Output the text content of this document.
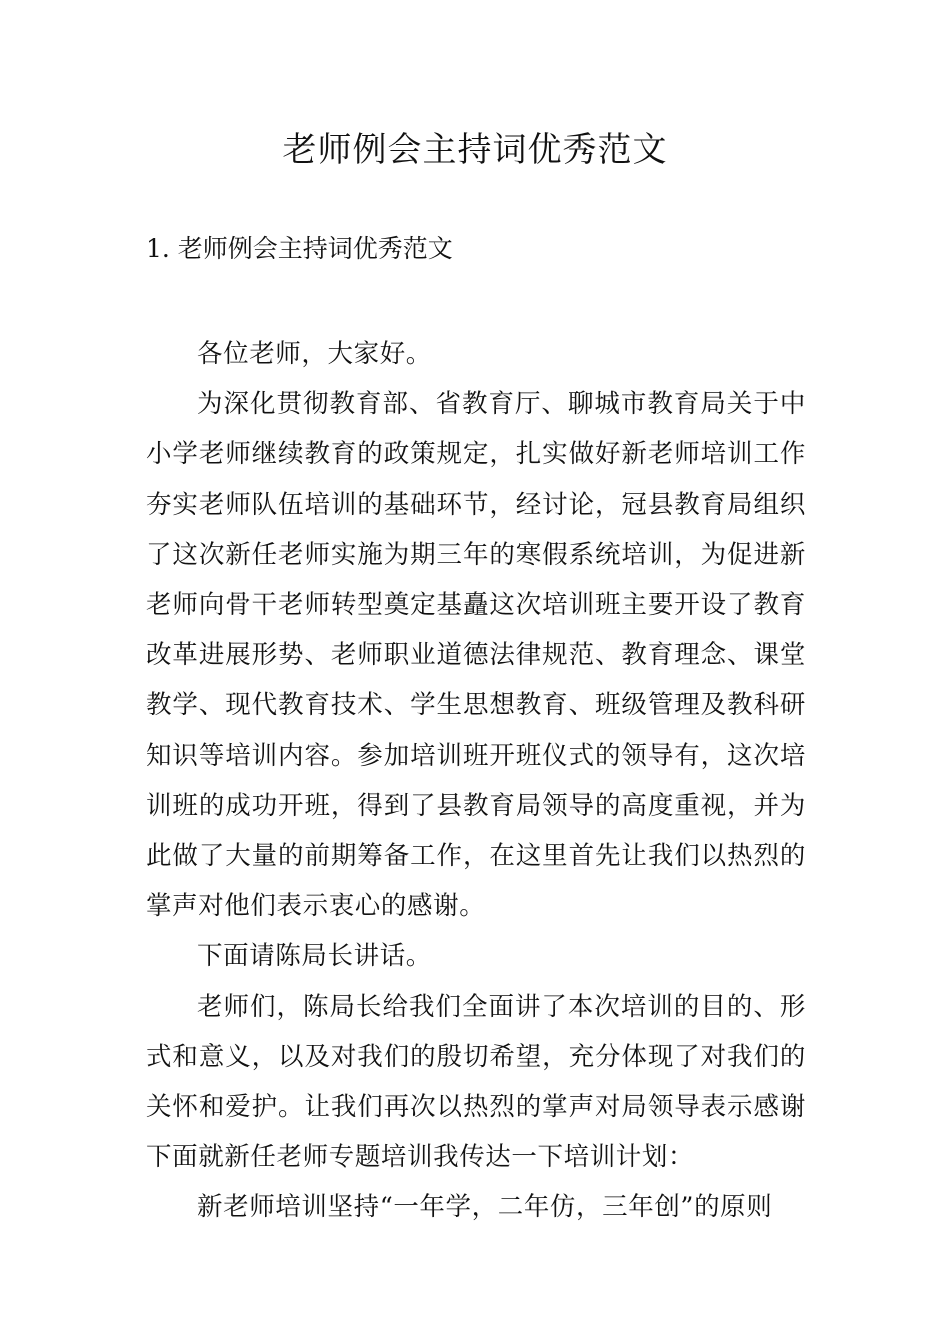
老师例会主持词优秀范文
1. 老师例会主持词优秀范文

各位老师，大家好。

为深化贯彻教育部、省教育厅、聊城市教育局关于中小学老师继续教育的政策规定，扎实做好新老师培训工作夯实老师队伍培训的基础环节，经讨论，冠县教育局组织了这次新任老师实施为期三年的寒假系统培训，为促进新老师向骨干老师转型奠定基矗这次培训班主要开设了教育改革进展形势、老师职业道德法律规范、教育理念、课堂教学、现代教育技术、学生思想教育、班级管理及教科研知识等培训内容。参加培训班开班仪式的领导有，这次培训班的成功开班，得到了县教育局领导的高度重视，并为此做了大量的前期筹备工作，在这里首先让我们以热烈的掌声对他们表示衷心的感谢。

下面请陈局长讲话。

老师们，陈局长给我们全面讲了本次培训的目的、形式和意义，以及对我们的殷切希望，充分体现了对我们的关怀和爱护。让我们再次以热烈的掌声对局领导表示感谢下面就新任老师专题培训我传达一下培训计划：

新老师培训坚持“一年学，二年仿，三年创”的原则
